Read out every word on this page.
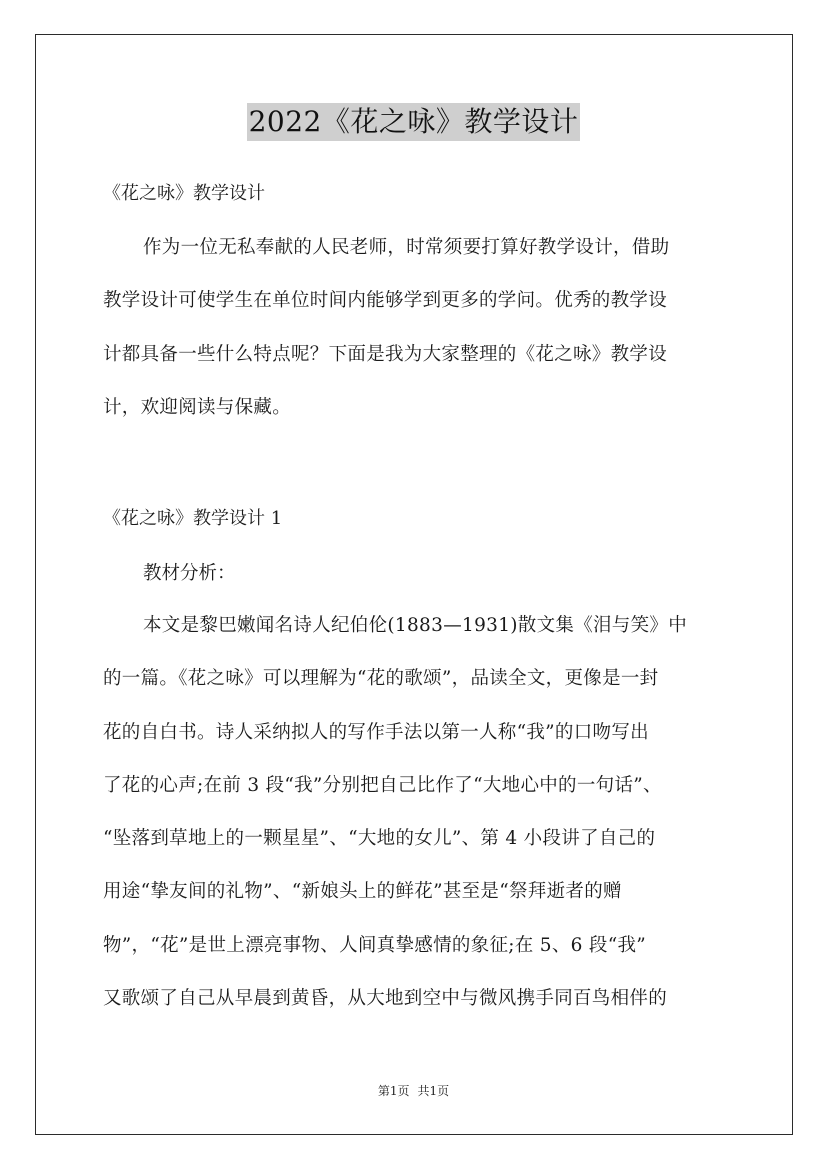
2022《花之咏》教学设计
《花之咏》教学设计
作为一位无私奉献的人民老师，时常须要打算好教学设计，借助
教学设计可使学生在单位时间内能够学到更多的学问。优秀的教学设
计都具备一些什么特点呢？下面是我为大家整理的《花之咏》教学设
计，欢迎阅读与保藏。
《花之咏》教学设计 1
教材分析：
本文是黎巴嫩闻名诗人纪伯伦(1883—1931)散文集《泪与笑》中
的一篇。《花之咏》可以理解为“花的歌颂”，品读全文，更像是一封
花的自白书。诗人采纳拟人的写作手法以第一人称“我”的口吻写出
了花的心声;在前 3 段“我”分别把自己比作了“大地心中的一句话”、
“坠落到草地上的一颗星星”、“大地的女儿”、第 4 小段讲了自己的
用途“挚友间的礼物”、“新娘头上的鲜花”甚至是“祭拜逝者的赠
物”，“花”是世上漂亮事物、人间真挚感情的象征;在 5、6 段“我”
又歌颂了自己从早晨到黄昏，从大地到空中与微风携手同百鸟相伴的
第1页 共1页
